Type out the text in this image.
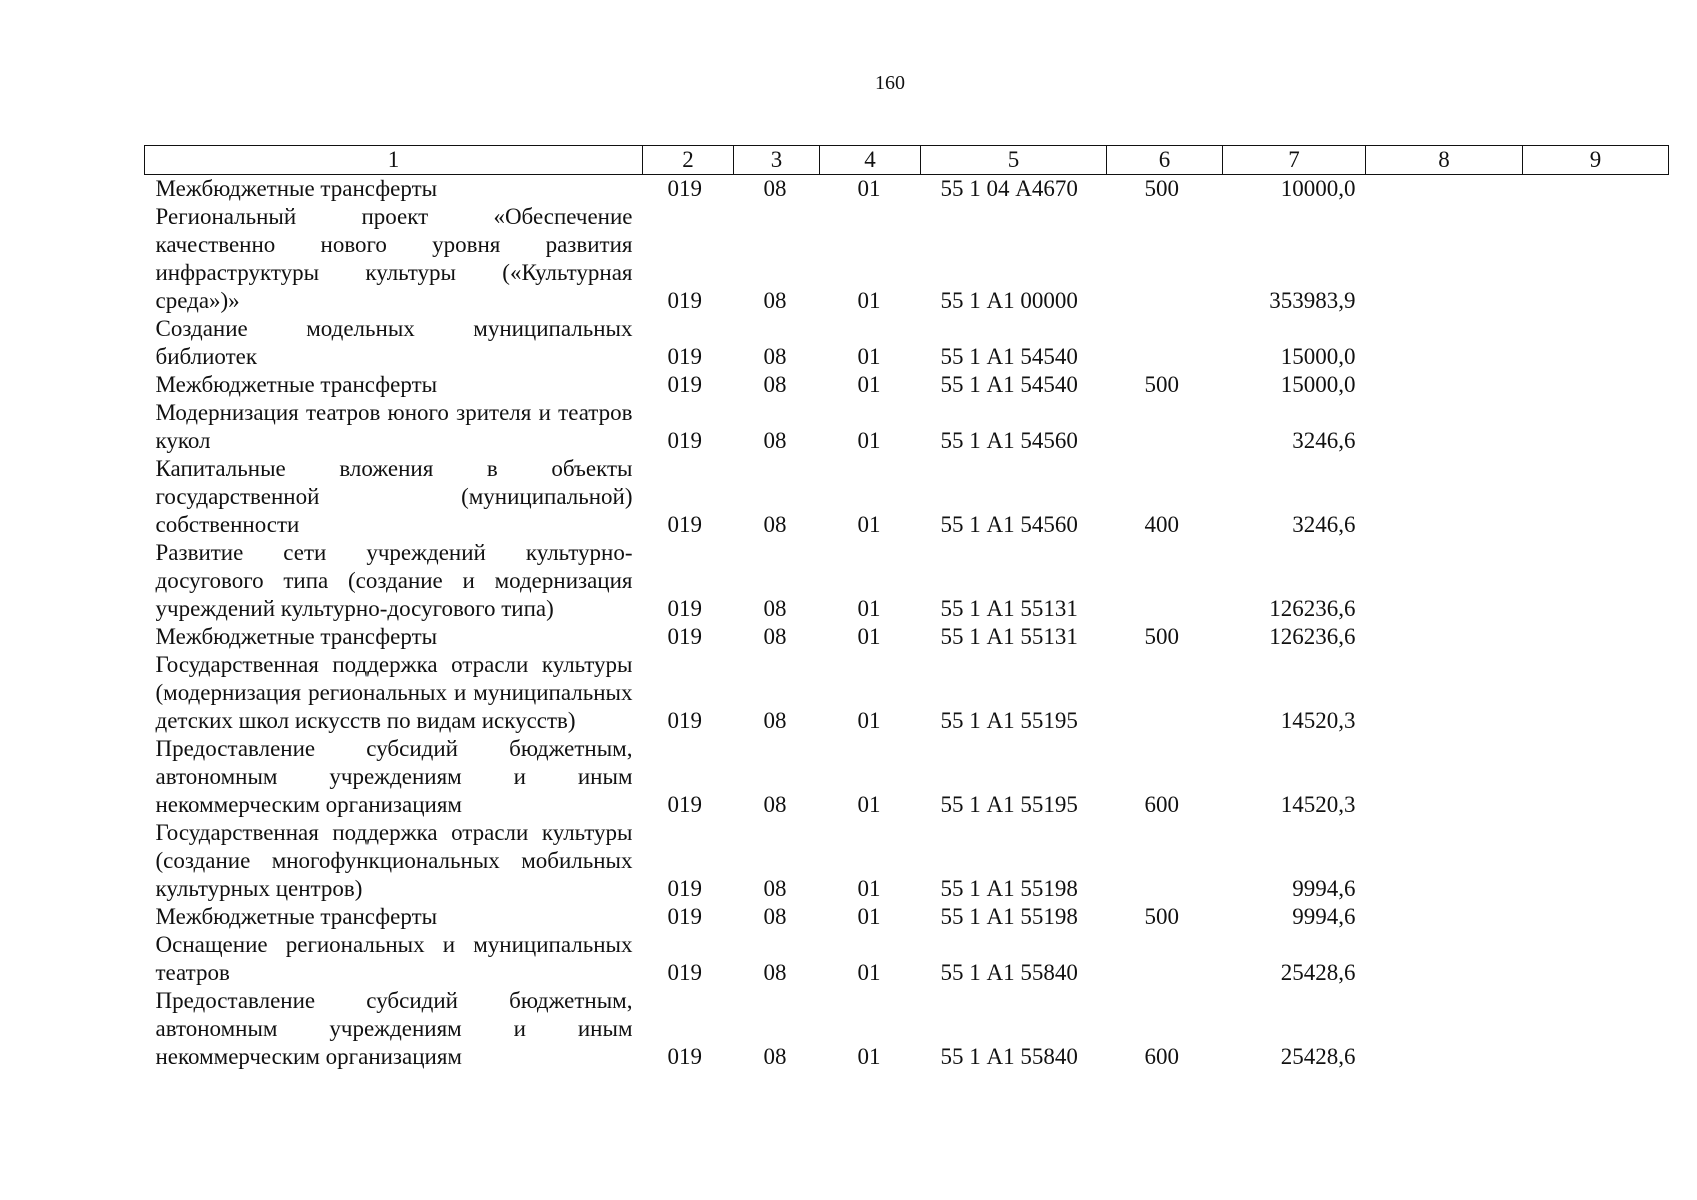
160
1	2	3	4	5	6	7	8	9
Межбюджетные трансферты	019	08	01	55 1 04 А4670	500	10000,0		
Региональный проект «Обеспечение качественно нового уровня развития инфраструктуры культуры («Культурная среда»)»	019	08	01	55 1 А1 00000		353983,9		
Создание модельных муниципальных библиотек	019	08	01	55 1 А1 54540		15000,0		
Межбюджетные трансферты	019	08	01	55 1 А1 54540	500	15000,0		
Модернизация театров юного зрителя и театров кукол	019	08	01	55 1 А1 54560		3246,6		
Капитальные вложения в объекты государственной (муниципальной) собственности	019	08	01	55 1 А1 54560	400	3246,6		
Развитие сети учреждений культурно-досугового типа (создание и модернизация учреждений культурно-досугового типа)	019	08	01	55 1 А1 55131		126236,6		
Межбюджетные трансферты	019	08	01	55 1 А1 55131	500	126236,6		
Государственная поддержка отрасли культуры (модернизация региональных и муниципальных детских школ искусств по видам искусств)	019	08	01	55 1 А1 55195		14520,3		
Предоставление субсидий бюджетным, автономным учреждениям и иным некоммерческим организациям	019	08	01	55 1 А1 55195	600	14520,3		
Государственная поддержка отрасли культуры (создание многофункциональных мобильных культурных центров)	019	08	01	55 1 А1 55198		9994,6		
Межбюджетные трансферты	019	08	01	55 1 А1 55198	500	9994,6		
Оснащение региональных и муниципальных театров	019	08	01	55 1 А1 55840		25428,6		
Предоставление субсидий бюджетным, автономным учреждениям и иным некоммерческим организациям	019	08	01	55 1 А1 55840	600	25428,6		
